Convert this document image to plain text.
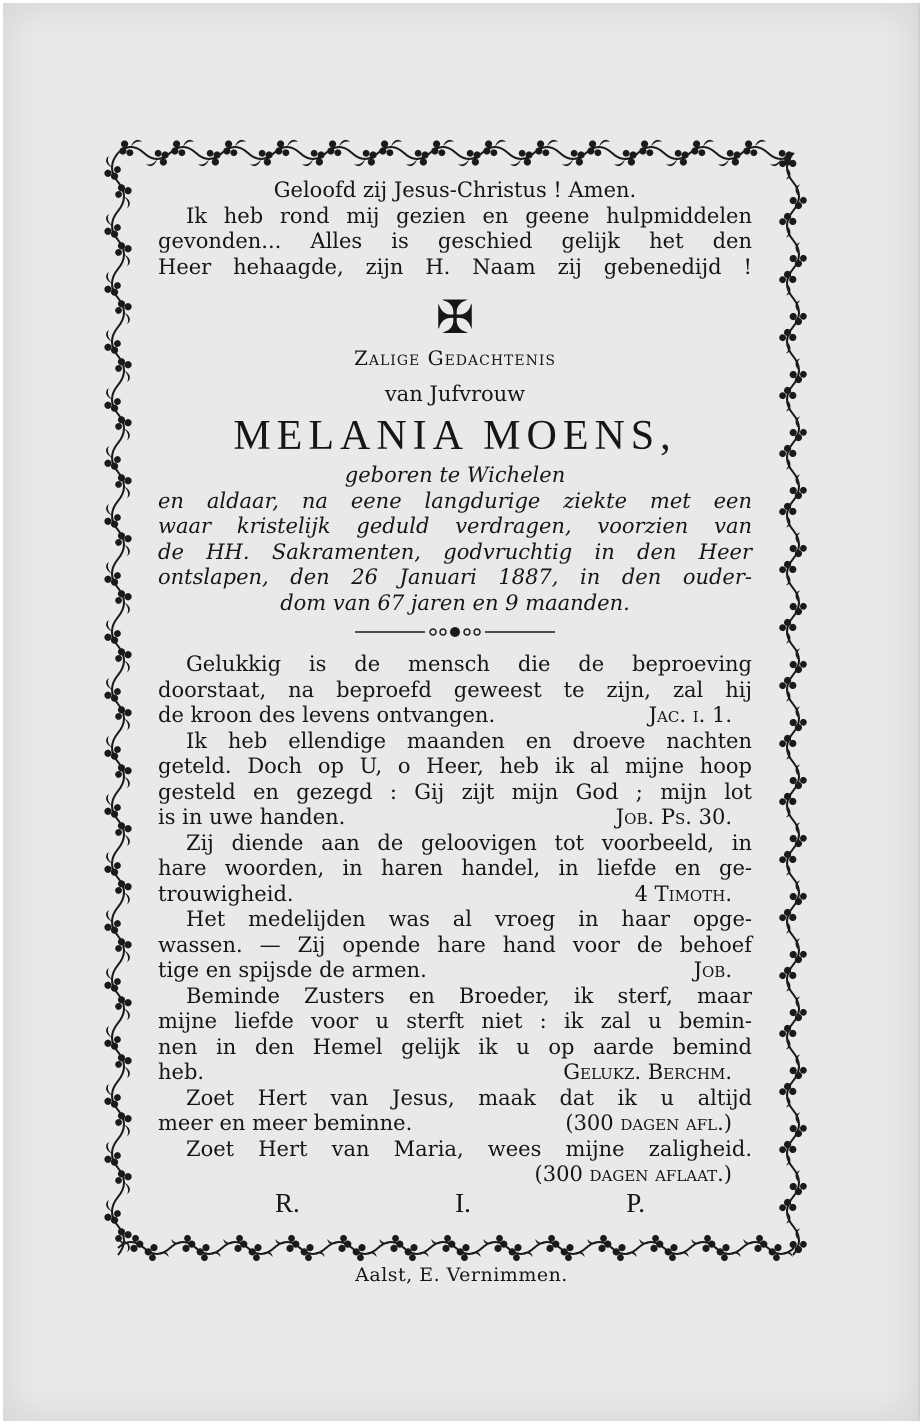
Geloofd zij Jesus-Christus ! Amen.
Ik heb rond mij gezien en geene hulpmiddelen
gevonden... Alles is geschied gelijk het den
Heer hehaagde, zijn H. Naam zij gebenedijd !
✠
Zalige Gedachtenis
van Jufvrouw
MELANIA MOENS,
geboren te Wichelen
en aldaar, na eene langdurige ziekte met een
waar kristelijk geduld verdragen, voorzien van
de HH. Sakramenten, godvruchtig in den Heer
ontslapen, den 26 Januari 1887, in den ouder-
dom van 67 jaren en 9 maanden.
Gelukkig is de mensch die de beproeving
doorstaat, na beproefd geweest te zijn, zal hij
de kroon des levens ontvangen.	Jac. i. 1.
Ik heb ellendige maanden en droeve nachten
geteld. Doch op U, o Heer, heb ik al mijne hoop
gesteld en gezegd : Gij zijt mijn God ; mijn lot
is in uwe handen.	Job. Ps. 30.
Zij diende aan de geloovigen tot voorbeeld, in
hare woorden, in haren handel, in liefde en ge-
trouwigheid.	4 Timoth.
Het medelijden was al vroeg in haar opge-
wassen. — Zij opende hare hand voor de behoef
tige en spijsde de armen.	Job.
Beminde Zusters en Broeder, ik sterf, maar
mijne liefde voor u sterft niet : ik zal u bemin-
nen in den Hemel gelijk ik u op aarde bemind
heb.	Gelukz. Berchm.
Zoet Hert van Jesus, maak dat ik u altijd
meer en meer beminne.	(300 dagen afl.)
Zoet Hert van Maria, wees mijne zaligheid.
(300 dagen aflaat.)
R.	I.	P.
Aalst, E. Vernimmen.
